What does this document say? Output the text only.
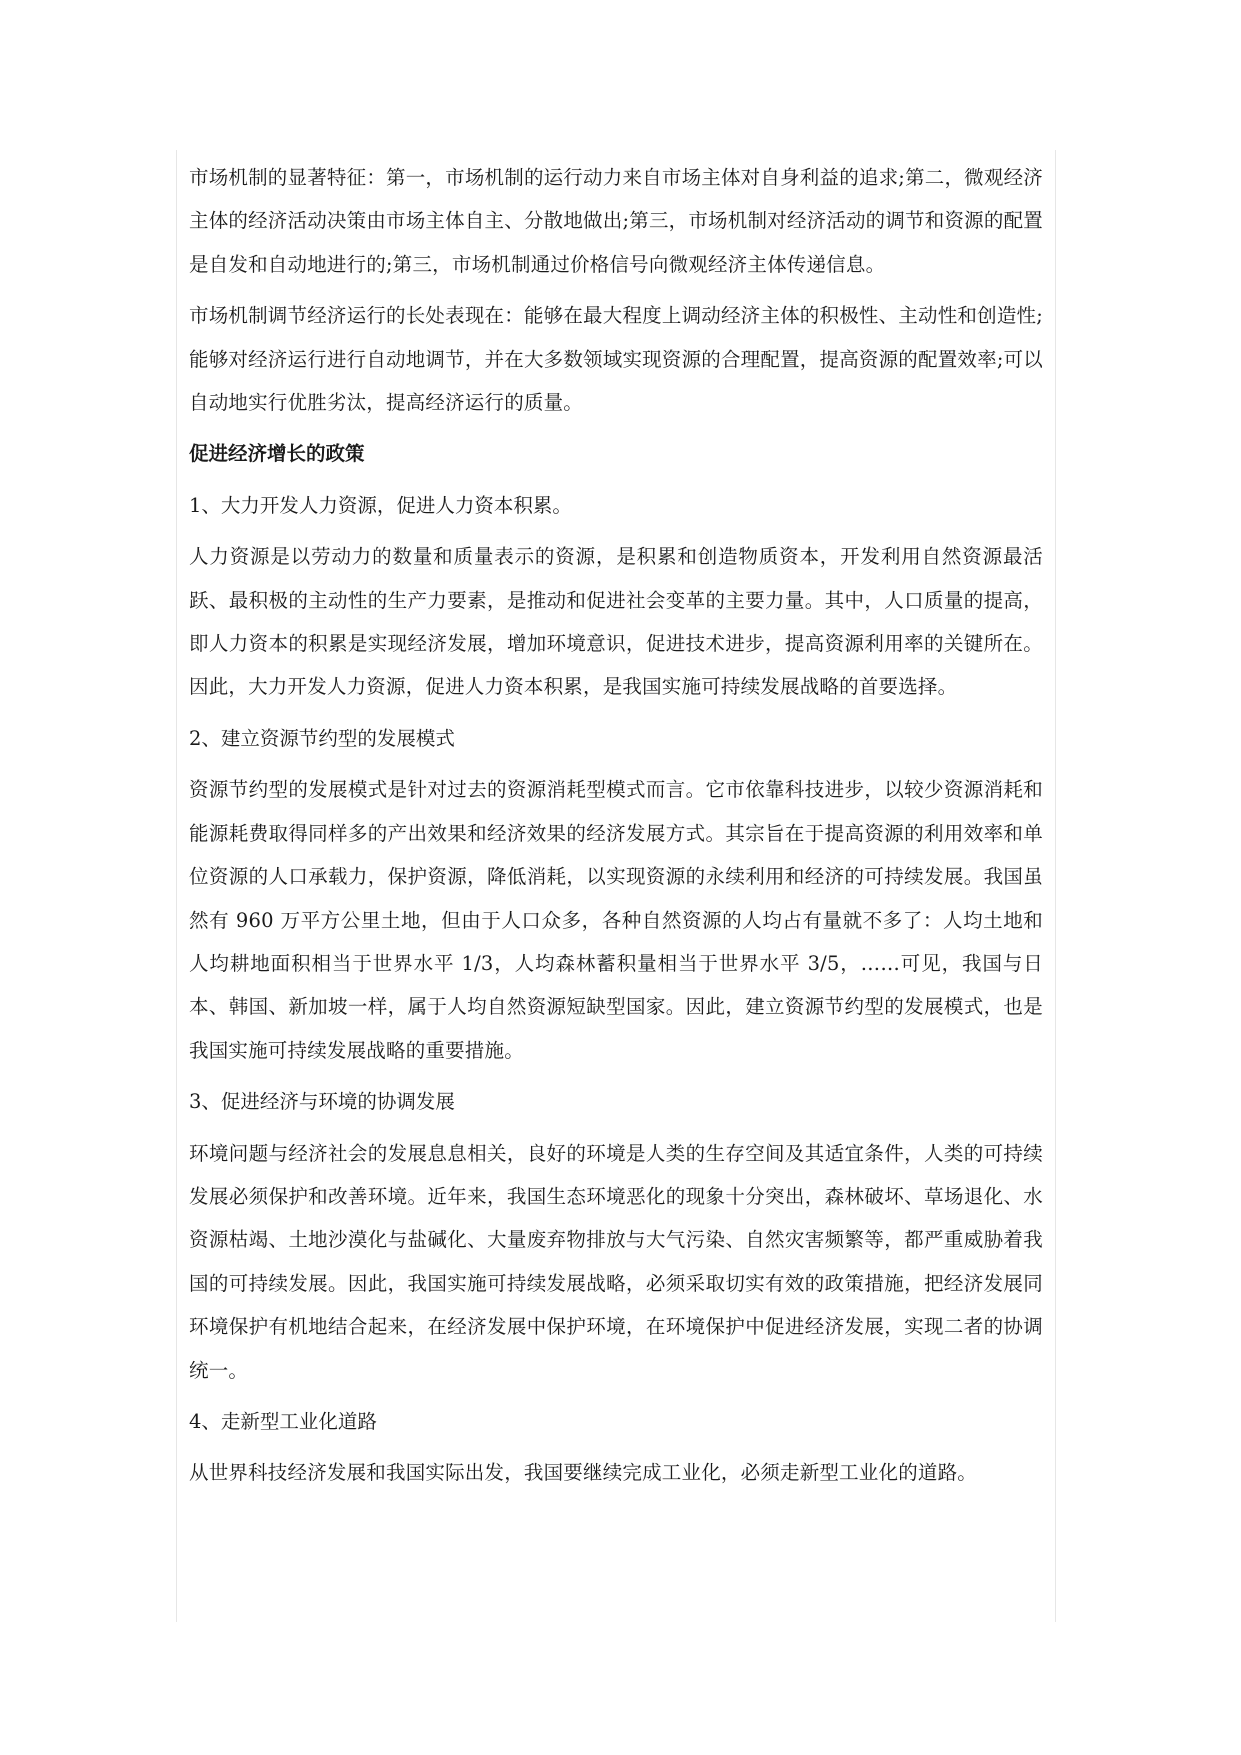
市场机制的显著特征：第一，市场机制的运行动力来自市场主体对自身利益的追求;第二，微观经济主体的经济活动决策由市场主体自主、分散地做出;第三，市场机制对经济活动的调节和资源的配置是自发和自动地进行的;第三，市场机制通过价格信号向微观经济主体传递信息。

市场机制调节经济运行的长处表现在：能够在最大程度上调动经济主体的积极性、主动性和创造性;能够对经济运行进行自动地调节，并在大多数领域实现资源的合理配置，提高资源的配置效率;可以自动地实行优胜劣汰，提高经济运行的质量。

促进经济增长的政策

1、大力开发人力资源，促进人力资本积累。

人力资源是以劳动力的数量和质量表示的资源，是积累和创造物质资本，开发利用自然资源最活跃、最积极的主动性的生产力要素，是推动和促进社会变革的主要力量。其中，人口质量的提高，即人力资本的积累是实现经济发展，增加环境意识，促进技术进步，提高资源利用率的关键所在。因此，大力开发人力资源，促进人力资本积累，是我国实施可持续发展战略的首要选择。

2、建立资源节约型的发展模式

资源节约型的发展模式是针对过去的资源消耗型模式而言。它市依靠科技进步，以较少资源消耗和能源耗费取得同样多的产出效果和经济效果的经济发展方式。其宗旨在于提高资源的利用效率和单位资源的人口承载力，保护资源，降低消耗，以实现资源的永续利用和经济的可持续发展。我国虽然有 960 万平方公里土地，但由于人口众多，各种自然资源的人均占有量就不多了：人均土地和人均耕地面积相当于世界水平 1/3，人均森林蓄积量相当于世界水平 3/5，……可见，我国与日本、韩国、新加坡一样，属于人均自然资源短缺型国家。因此，建立资源节约型的发展模式，也是我国实施可持续发展战略的重要措施。

3、促进经济与环境的协调发展

环境问题与经济社会的发展息息相关，良好的环境是人类的生存空间及其适宜条件，人类的可持续发展必须保护和改善环境。近年来，我国生态环境恶化的现象十分突出，森林破坏、草场退化、水资源枯竭、土地沙漠化与盐碱化、大量废弃物排放与大气污染、自然灾害频繁等，都严重威胁着我国的可持续发展。因此，我国实施可持续发展战略，必须采取切实有效的政策措施，把经济发展同环境保护有机地结合起来，在经济发展中保护环境，在环境保护中促进经济发展，实现二者的协调统一。

4、走新型工业化道路

从世界科技经济发展和我国实际出发，我国要继续完成工业化，必须走新型工业化的道路。
